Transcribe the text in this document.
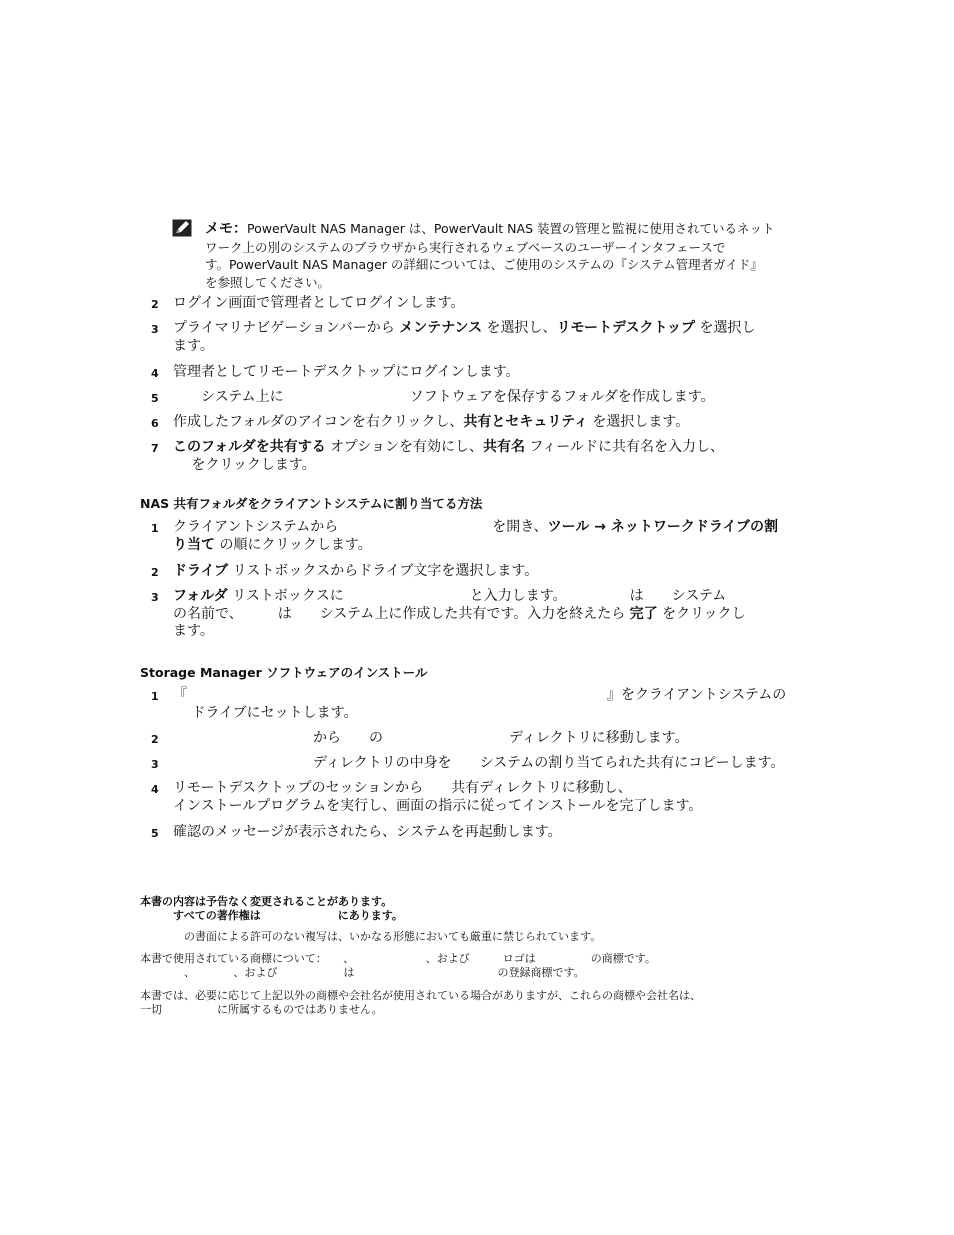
メモ：PowerVault NAS Manager は、PowerVault NAS 装置の管理と監視に使用されているネット
ワーク上の別のシステムのブラウザから実行されるウェブベースのユーザーインタフェースで
す。PowerVault NAS Manager の詳細については、ご使用のシステムの『システム管理者ガイド』
を参照してください。
2 ログイン画面で管理者としてログインします。
3 プライマリナビゲーションバーから メンテナンス を選択し、リモートデスクトップ を選択し
ます。
4 管理者としてリモートデスクトップにログインします。
5 　　システム上に　　　　　　　　　ソフトウェアを保存するフォルダを作成します。
6 作成したフォルダのアイコンを右クリックし、共有とセキュリティ を選択します。
7 このフォルダを共有する オプションを有効にし、共有名 フィールドに共有名を入力し、
　 をクリックします。
NAS 共有フォルダをクライアントシステムに割り当てる方法
1 クライアントシステムから　　　　　　　　　　　を開き、ツール → ネットワークドライブの割
り当て の順にクリックします。
2 ドライブ リストボックスからドライブ文字を選択します。
3 フォルダ リストボックスに　　　　　　　　　と入力します。　　　　　は　　システム
の名前で、　　　は　　システム上に作成した共有です。入力を終えたら 完了 をクリックし
ます。
Storage Manager ソフトウェアのインストール
1 『　　　　　　　　　　　　　　　　　　　　　　　　　　　　　　』をクライアントシステムの
　 ドライブにセットします。
2 　　　　　　　　　　から　　の　　　　　　　　　ディレクトリに移動します。
3 　　　　　　　　　　ディレクトリの中身を　　システムの割り当てられた共有にコピーします。
4 リモートデスクトップのセッションから　　共有ディレクトリに移動し、
インストールプログラムを実行し、画面の指示に従ってインストールを完了します。
5 確認のメッセージが表示されたら、システムを再起動します。
本書の内容は予告なく変更されることがあります。
　　　すべての著作権は　　　　　　　にあります。
　　　　の書面による許可のない複写は、いかなる形態においても厳重に禁じられています。
本書で使用されている商標について：　　、　　　　　　　、および　　　ロゴは　　　　　の商標です。
　　　　、　　　　、および　　　　　　は　　　　　　　　　　　　　の登録商標です。
本書では、必要に応じて上記以外の商標や会社名が使用されている場合がありますが、これらの商標や会社名は、
一切　　　　　に所属するものではありません。
